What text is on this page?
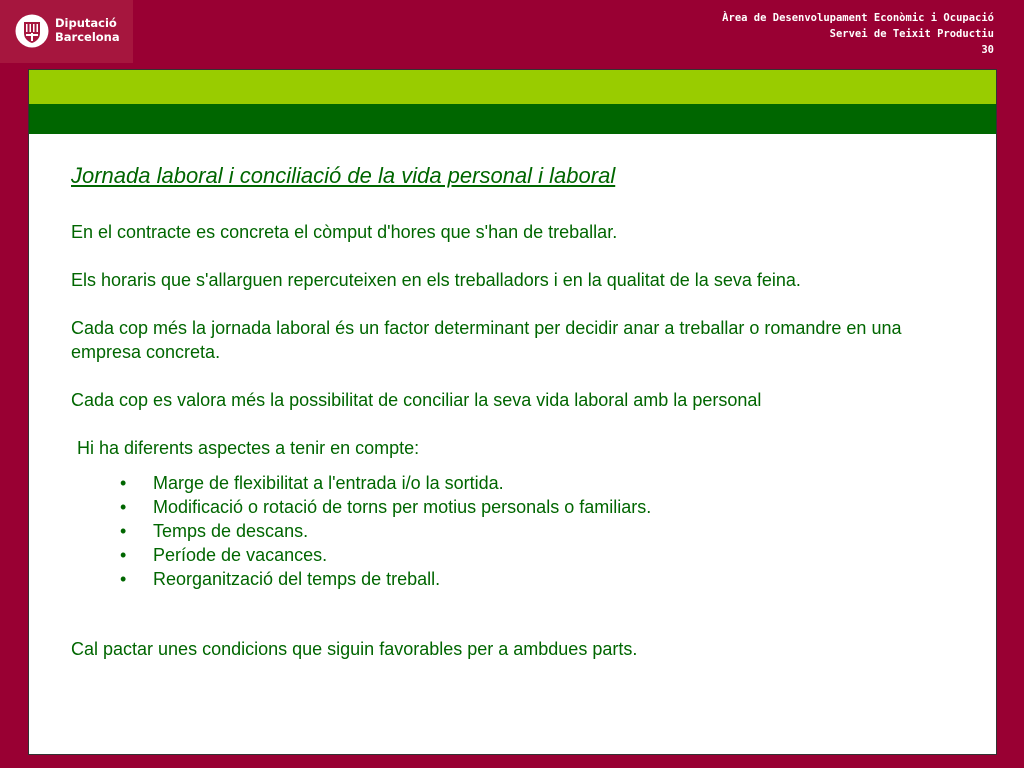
Diputació
Barcelona
Àrea de Desenvolupament Econòmic i Ocupació
Servei de Teixit Productiu
30
Jornada laboral i conciliació de la vida personal i laboral

En el contracte es concreta el còmput d'hores que s'han de treballar.

Els horaris que s'allarguen repercuteixen en els treballadors i en la qualitat de la seva feina.

Cada cop més la jornada laboral és un factor determinant per decidir anar a treballar o romandre en una empresa concreta.

Cada cop es valora més la possibilitat de conciliar la seva vida laboral amb la personal

Hi ha diferents aspectes a tenir en compte:

• Marge de flexibilitat a l'entrada i/o la sortida.
• Modificació o rotació de torns per motius personals o familiars.
• Temps de descans.
• Període de vacances.
• Reorganització del temps de treball.

Cal pactar unes condicions que siguin favorables per a ambdues parts.
